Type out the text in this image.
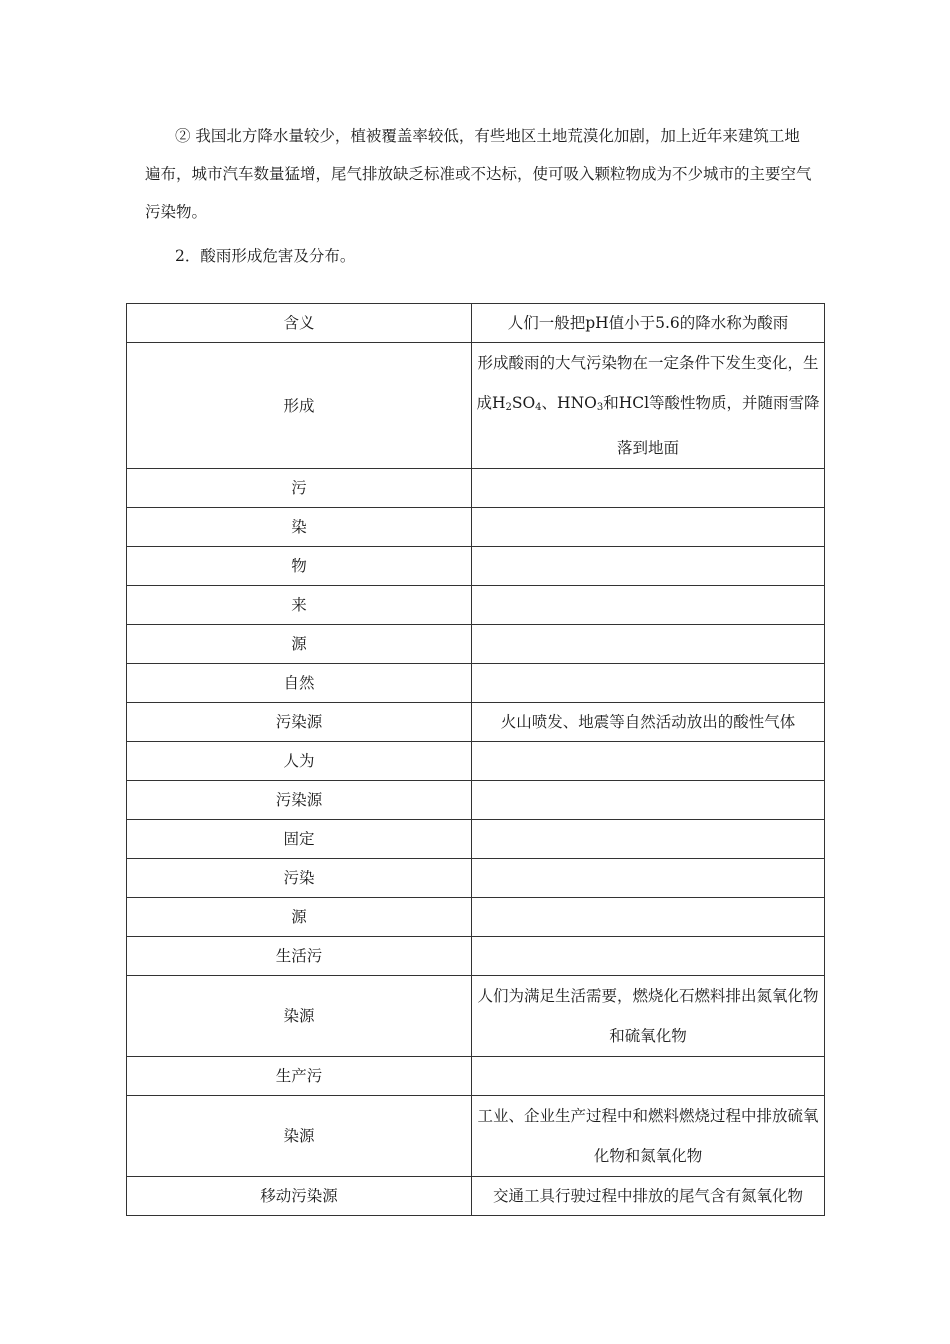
② 我国北方降水量较少，植被覆盖率较低，有些地区土地荒漠化加剧，加上近年来建筑工地遍布，城市汽车数量猛增，尾气排放缺乏标准或不达标，使可吸入颗粒物成为不少城市的主要空气污染物。

2．酸雨形成危害及分布。

含义	人们一般把pH值小于5.6的降水称为酸雨
形成	形成酸雨的大气污染物在一定条件下发生变化，生成$H_2SO_4$、$HNO_3$和HCl等酸性物质，并随雨雪降落到地面
污	
染	
物	
来	
源	
自然	
污染源	火山喷发、地震等自然活动放出的酸性气体
人为	
污染源	
固定	
污染	
源	
生活污	
染源	人们为满足生活需要，燃烧化石燃料排出氮氧化物和硫氧化物
生产污	
染源	工业、企业生产过程中和燃料燃烧过程中排放硫氧化物和氮氧化物
移动污染源	交通工具行驶过程中排放的尾气含有氮氧化物
